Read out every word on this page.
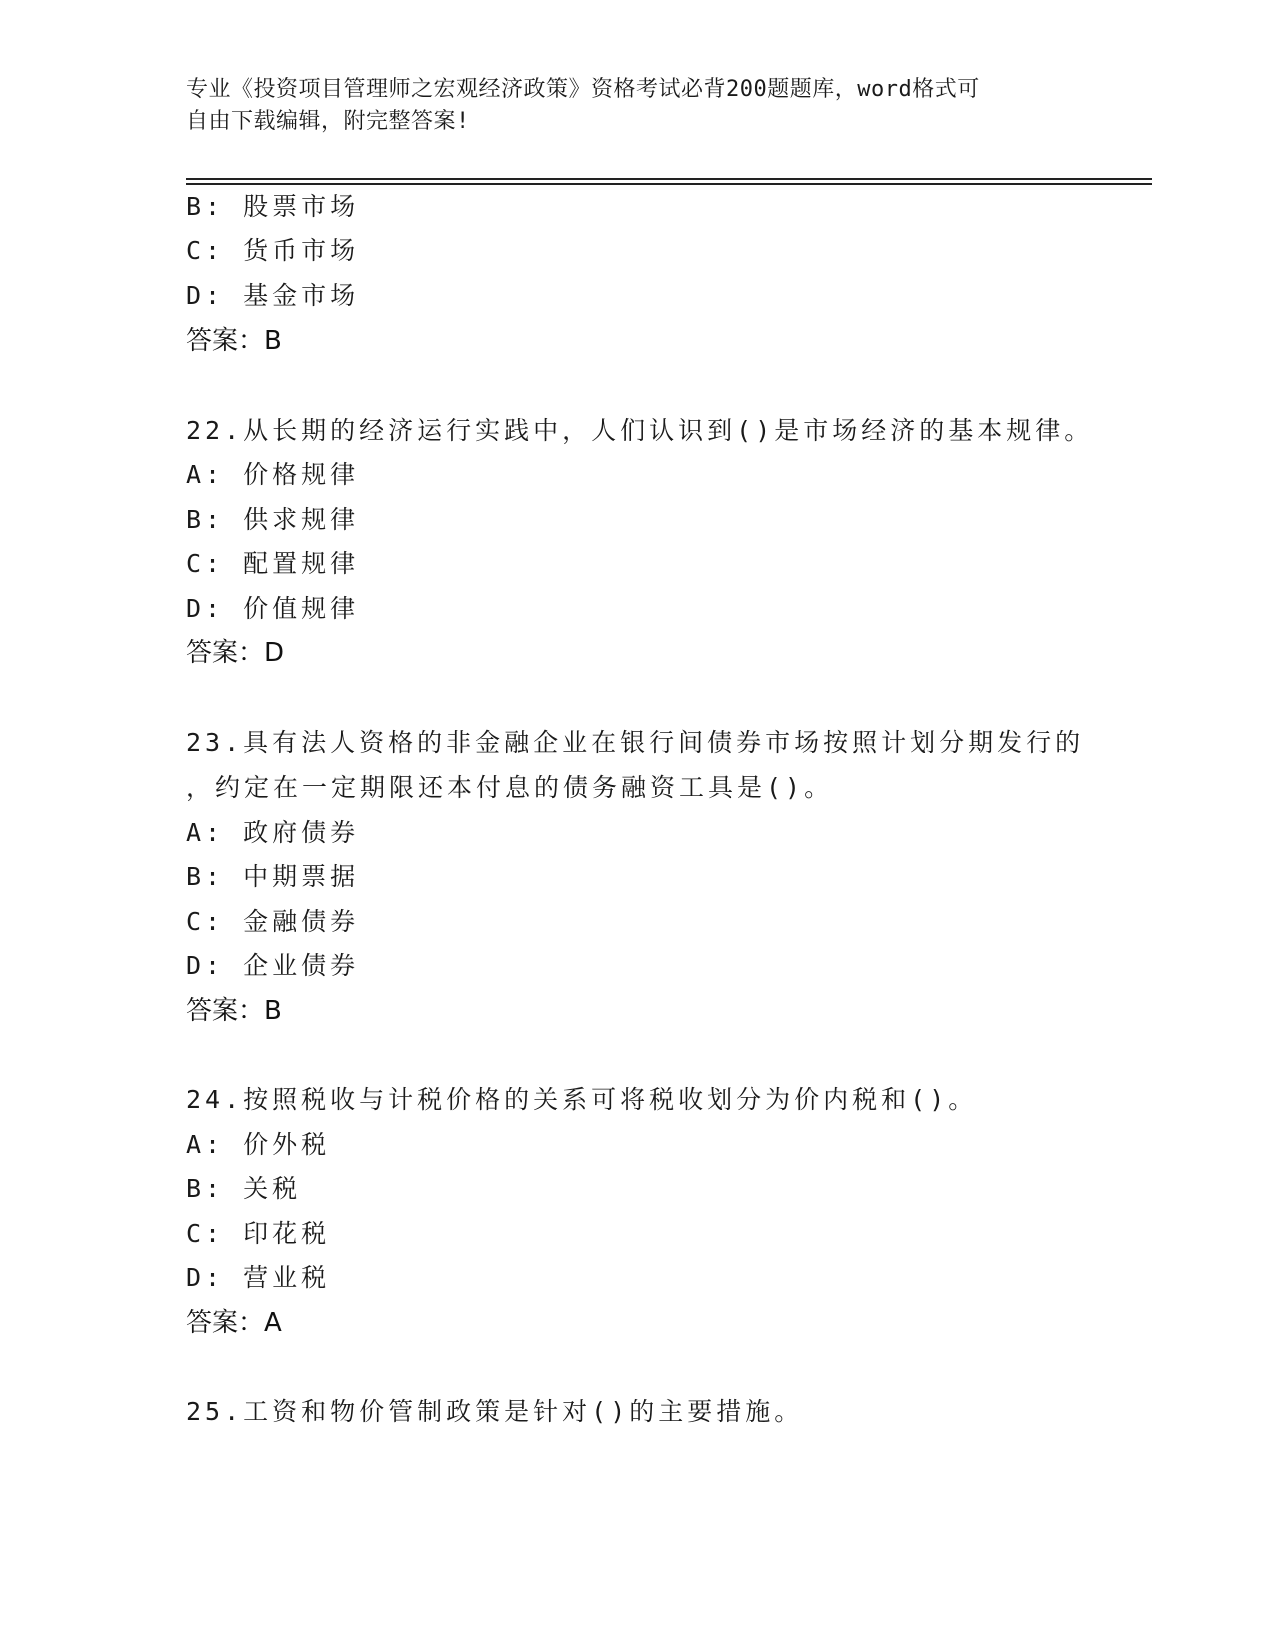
专业《投资项目管理师之宏观经济政策》资格考试必背200题题库，word格式可
自由下载编辑，附完整答案!
B: 股票市场
C: 货币市场
D: 基金市场
答案：B
22.从长期的经济运行实践中，人们认识到()是市场经济的基本规律。
A: 价格规律
B: 供求规律
C: 配置规律
D: 价值规律
答案：D
23.具有法人资格的非金融企业在银行间债券市场按照计划分期发行的
，约定在一定期限还本付息的债务融资工具是()。
A: 政府债券
B: 中期票据
C: 金融债券
D: 企业债券
答案：B
24.按照税收与计税价格的关系可将税收划分为价内税和()。
A: 价外税
B: 关税
C: 印花税
D: 营业税
答案：A
25.工资和物价管制政策是针对()的主要措施。
